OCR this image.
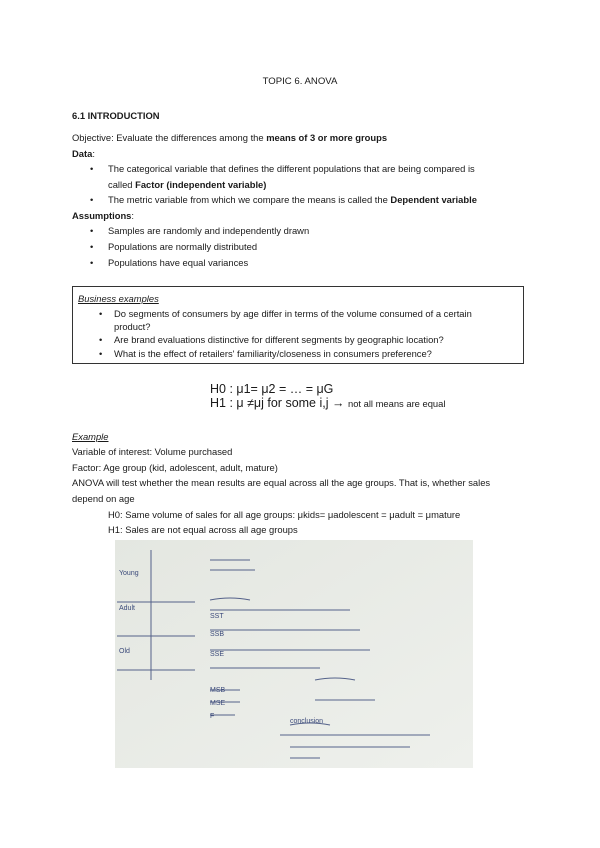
TOPIC 6. ANOVA
6.1 INTRODUCTION
Objective: Evaluate the differences among the means of 3 or more groups
Data:
• The categorical variable that defines the different populations that are being compared is
called Factor (independent variable)
• The metric variable from which we compare the means is called the Dependent variable
Assumptions:
• Samples are randomly and independently drawn
• Populations are normally distributed
• Populations have equal variances
Business examples
• Do segments of consumers by age differ in terms of the volume consumed of a certain
product?
• Are brand evaluations distinctive for different segments by geographic location?
• What is the effect of retailers' familiarity/closeness in consumers preference?
H0 : μ1= μ2 = … = μG
H1 : μ ≠μj for some i,j → not all means are equal
Example
Variable of interest: Volume purchased
Factor: Age group (kid, adolescent, adult, mature)
ANOVA will test whether the mean results are equal across all the age groups. That is, whether sales
depend on age
H0: Same volume of sales for all age groups: μkids= μadolescent = μadult = μmature
H1: Sales are not equal across all age groups
Young
Adult
Old
SST
SSB
SSE
MSB
MSE
F
conclusion
